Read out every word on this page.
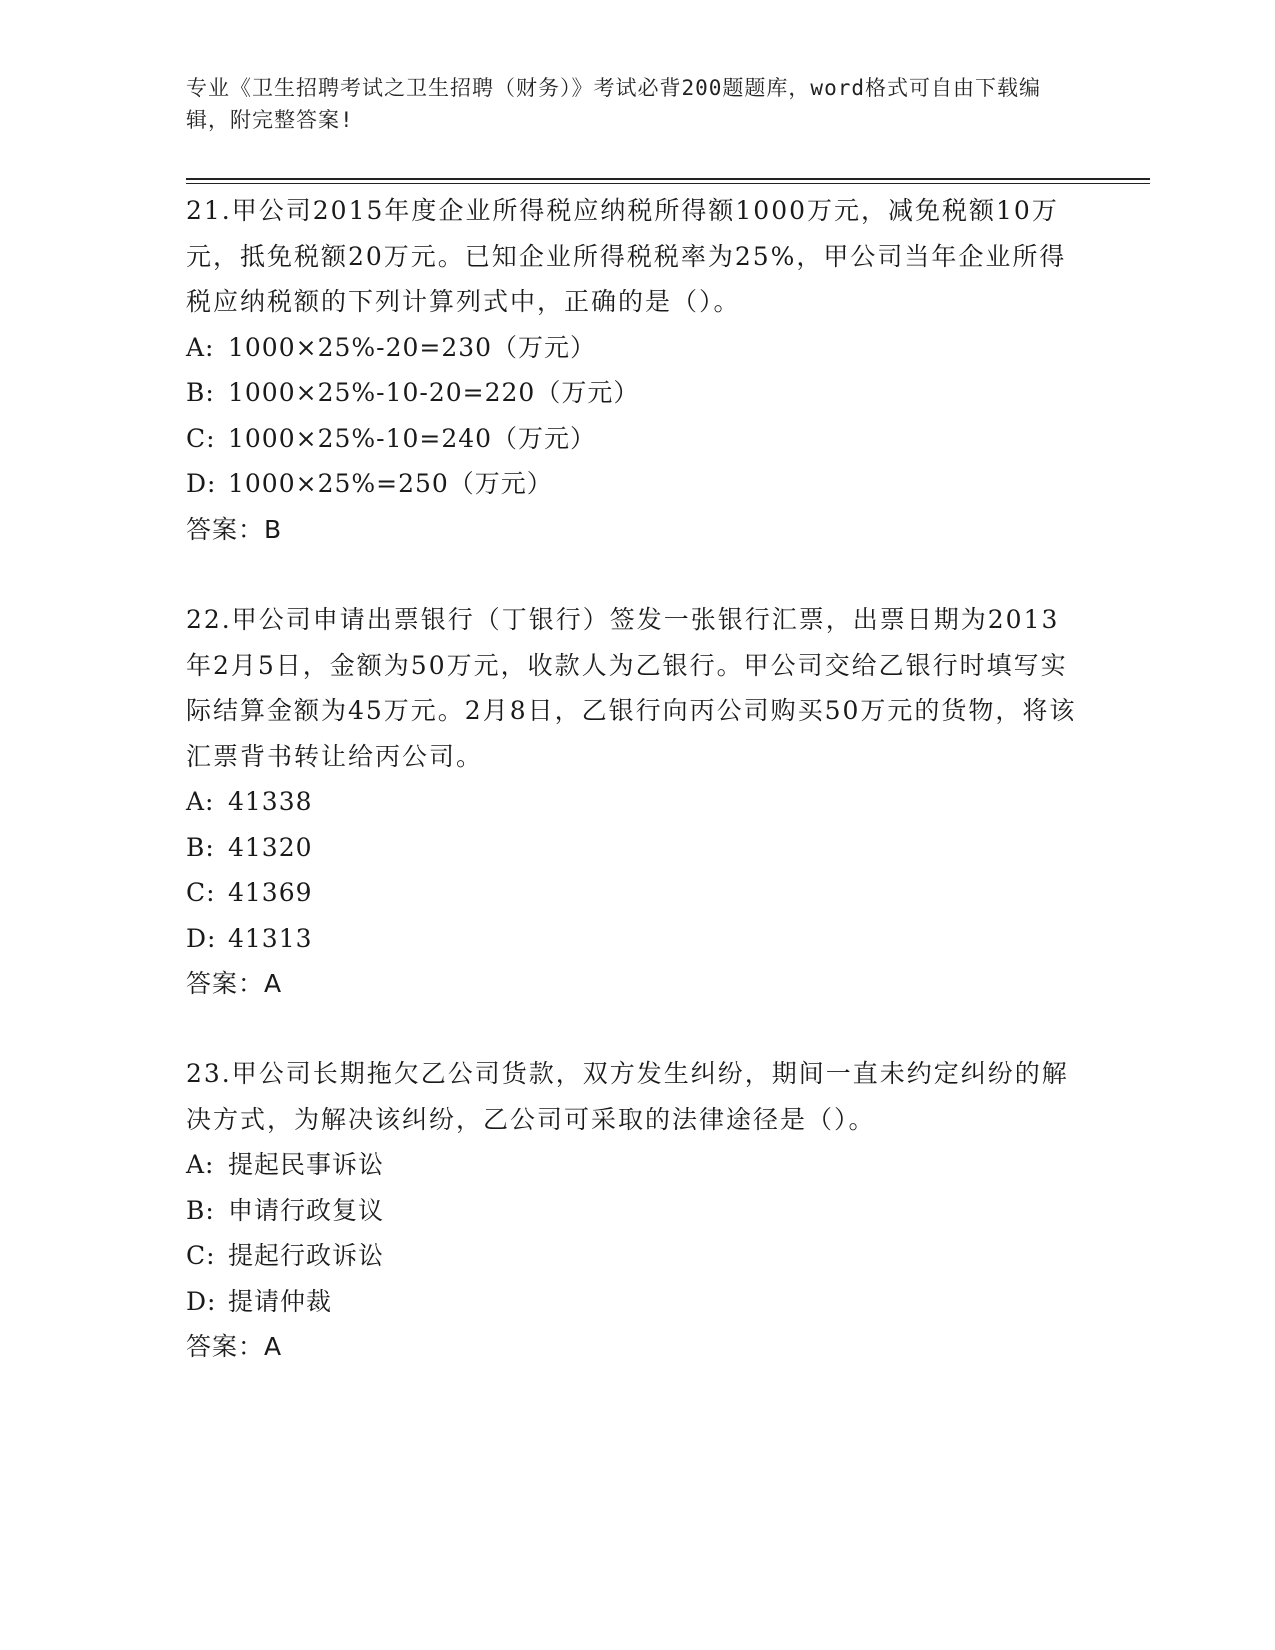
专业《卫生招聘考试之卫生招聘（财务）》考试必背200题题库，word格式可自由下载编辑，附完整答案!
21.甲公司2015年度企业所得税应纳税所得额1000万元，减免税额10万元，抵免税额20万元。已知企业所得税税率为25%，甲公司当年企业所得税应纳税额的下列计算列式中，正确的是（）。
A: 1000×25%-20=230（万元）
B: 1000×25%-10-20=220（万元）
C: 1000×25%-10=240（万元）
D: 1000×25%=250（万元）
答案：B
22.甲公司申请出票银行（丁银行）签发一张银行汇票，出票日期为2013年2月5日，金额为50万元，收款人为乙银行。甲公司交给乙银行时填写实际结算金额为45万元。2月8日，乙银行向丙公司购买50万元的货物，将该汇票背书转让给丙公司。
A: 41338
B: 41320
C: 41369
D: 41313
答案：A
23.甲公司长期拖欠乙公司货款，双方发生纠纷，期间一直未约定纠纷的解决方式，为解决该纠纷，乙公司可采取的法律途径是（）。
A: 提起民事诉讼
B: 申请行政复议
C: 提起行政诉讼
D: 提请仲裁
答案：A
